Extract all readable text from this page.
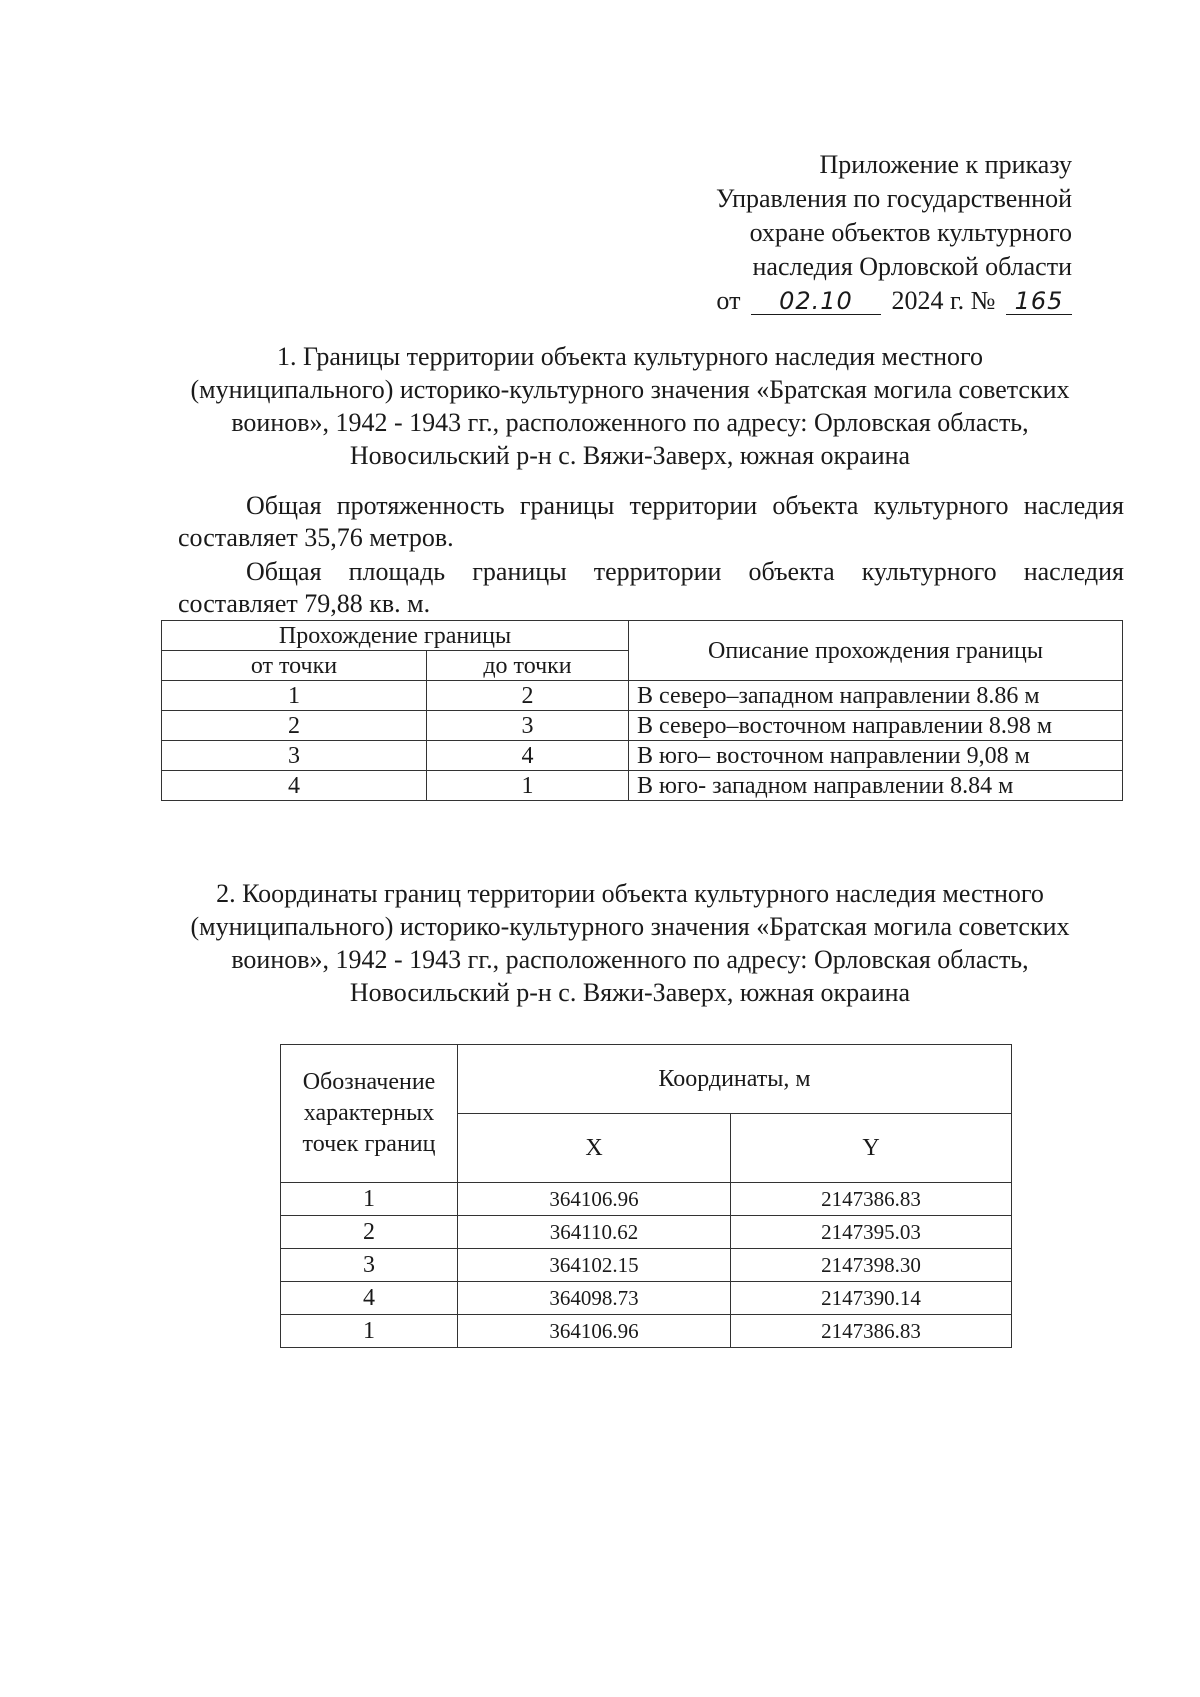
Приложение к приказу
Управления по государственной
охране объектов культурного
наследия Орловской области
от 02.10 2024 г. № 165
1. Границы территории объекта культурного наследия местного
(муниципального) историко-культурного значения «Братская могила советских
воинов», 1942 - 1943 гг., расположенного по адресу: Орловская область,
Новосильский р-н с. Вяжи-Заверх, южная окраина
Общая протяженность границы территории объекта культурного наследия составляет 35,76 метров.
Общая площадь границы территории объекта культурного наследия составляет 79,88 кв. м.
Прохождение границы		Описание прохождения границы
от точки	до точки	
1	2	В северо–западном направлении 8.86 м
2	3	В северо–восточном направлении 8.98 м
3	4	В юго– восточном направлении 9,08 м
4	1	В юго- западном направлении 8.84 м
2. Координаты границ территории объекта культурного наследия местного
(муниципального) историко-культурного значения «Братская могила советских
воинов», 1942 - 1943 гг., расположенного по адресу: Орловская область,
Новосильский р-н с. Вяжи-Заверх, южная окраина
Обозначение характерных точек границ	Координаты, м	
	X	Y
1	364106.96	2147386.83
2	364110.62	2147395.03
3	364102.15	2147398.30
4	364098.73	2147390.14
1	364106.96	2147386.83
